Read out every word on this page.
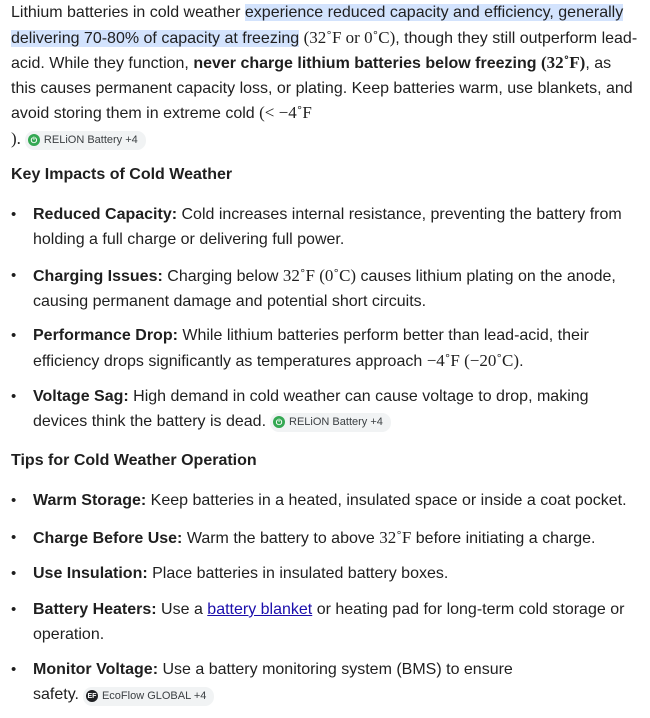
Lithium batteries in cold weather experience reduced capacity and efficiency, generally delivering 70-80% of capacity at freezing (32˚F or 0˚C), though they still outperform lead-acid. While they function, never charge lithium batteries below freezing (32˚F), as this causes permanent capacity loss, or plating. Keep batteries warm, use blankets, and avoid storing them in extreme cold (< −4˚F
).	⏻ RELiON Battery +4

Key Impacts of Cold Weather
•	Reduced Capacity: Cold increases internal resistance, preventing the battery from holding a full charge or delivering full power.
•	Charging Issues: Charging below 32˚F (0˚C) causes lithium plating on the anode, causing permanent damage and potential short circuits.
•	Performance Drop: While lithium batteries perform better than lead-acid, their efficiency drops significantly as temperatures approach −4˚F (−20˚C).
•	Voltage Sag: High demand in cold weather can cause voltage to drop, making devices think the battery is dead.	⏻ RELiON Battery +4
Tips for Cold Weather Operation
•	Warm Storage: Keep batteries in a heated, insulated space or inside a coat pocket.
•	Charge Before Use: Warm the battery to above 32˚F before initiating a charge.
•	Use Insulation: Place batteries in insulated battery boxes.
•	Battery Heaters: Use a battery blanket or heating pad for long-term cold storage or operation.
•	Monitor Voltage: Use a battery monitoring system (BMS) to ensure safety. EF EcoFlow GLOBAL +4
